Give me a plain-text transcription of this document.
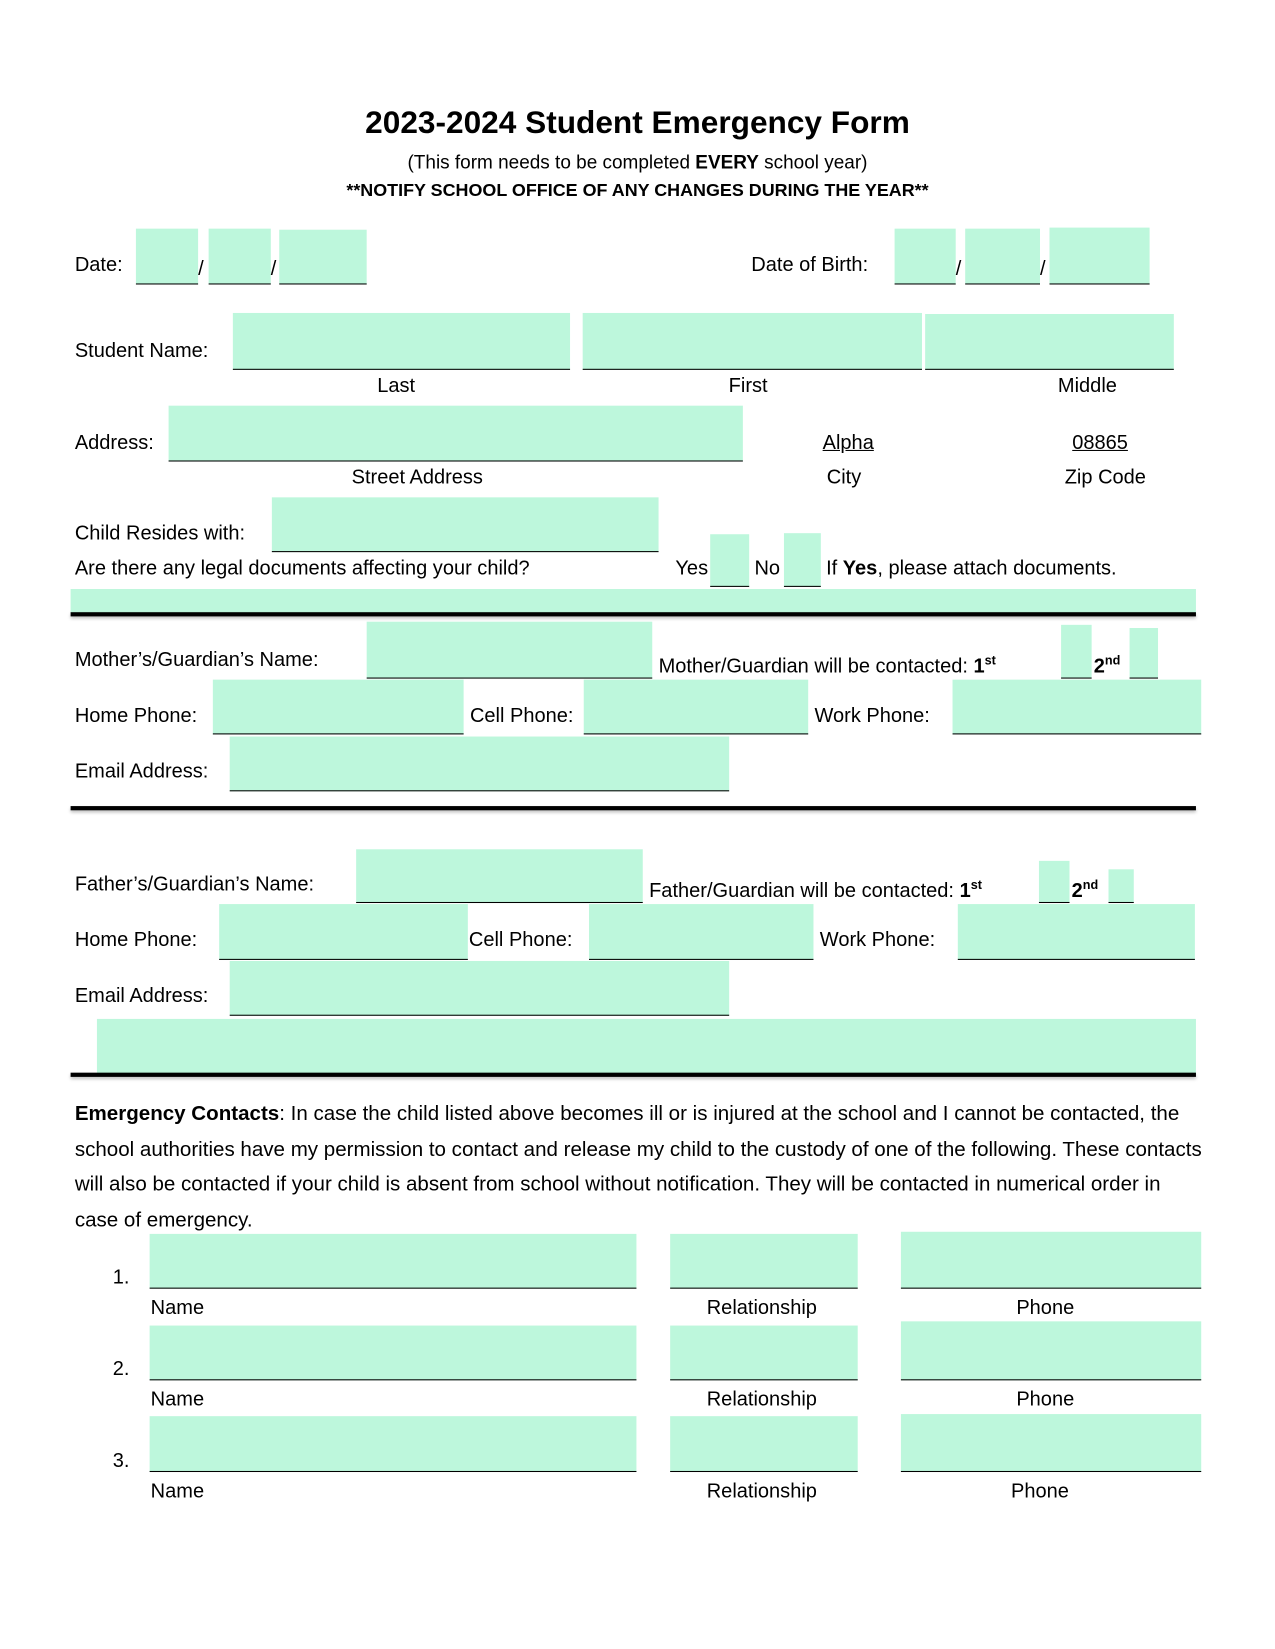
2023-2024 Student Emergency Form
(This form needs to be completed EVERY school year)
**NOTIFY SCHOOL OFFICE OF ANY CHANGES DURING THE YEAR**
Date:	/	/	Date of Birth:	/	/
Student Name:
Last	First	Middle
Address:	Alpha	08865
Street Address	City	Zip Code
Child Resides with:
Are there any legal documents affecting your child?	Yes No If Yes, please attach documents.
Mother’s/Guardian’s Name:	Mother/Guardian will be contacted: 1st	2nd
Home Phone:	Cell Phone:	Work Phone:
Email Address:
Father’s/Guardian’s Name:	Father/Guardian will be contacted: 1st	2nd
Home Phone:	Cell Phone:	Work Phone:
Email Address:
Emergency Contacts: In case the child listed above becomes ill or is injured at the school and I cannot be contacted, the school authorities have my permission to contact and release my child to the custody of one of the following. These contacts will also be contacted if your child is absent from school without notification. They will be contacted in numerical order in case of emergency.
1.
Name	Relationship	Phone
2.
Name	Relationship	Phone
3.
Name	Relationship	Phone
